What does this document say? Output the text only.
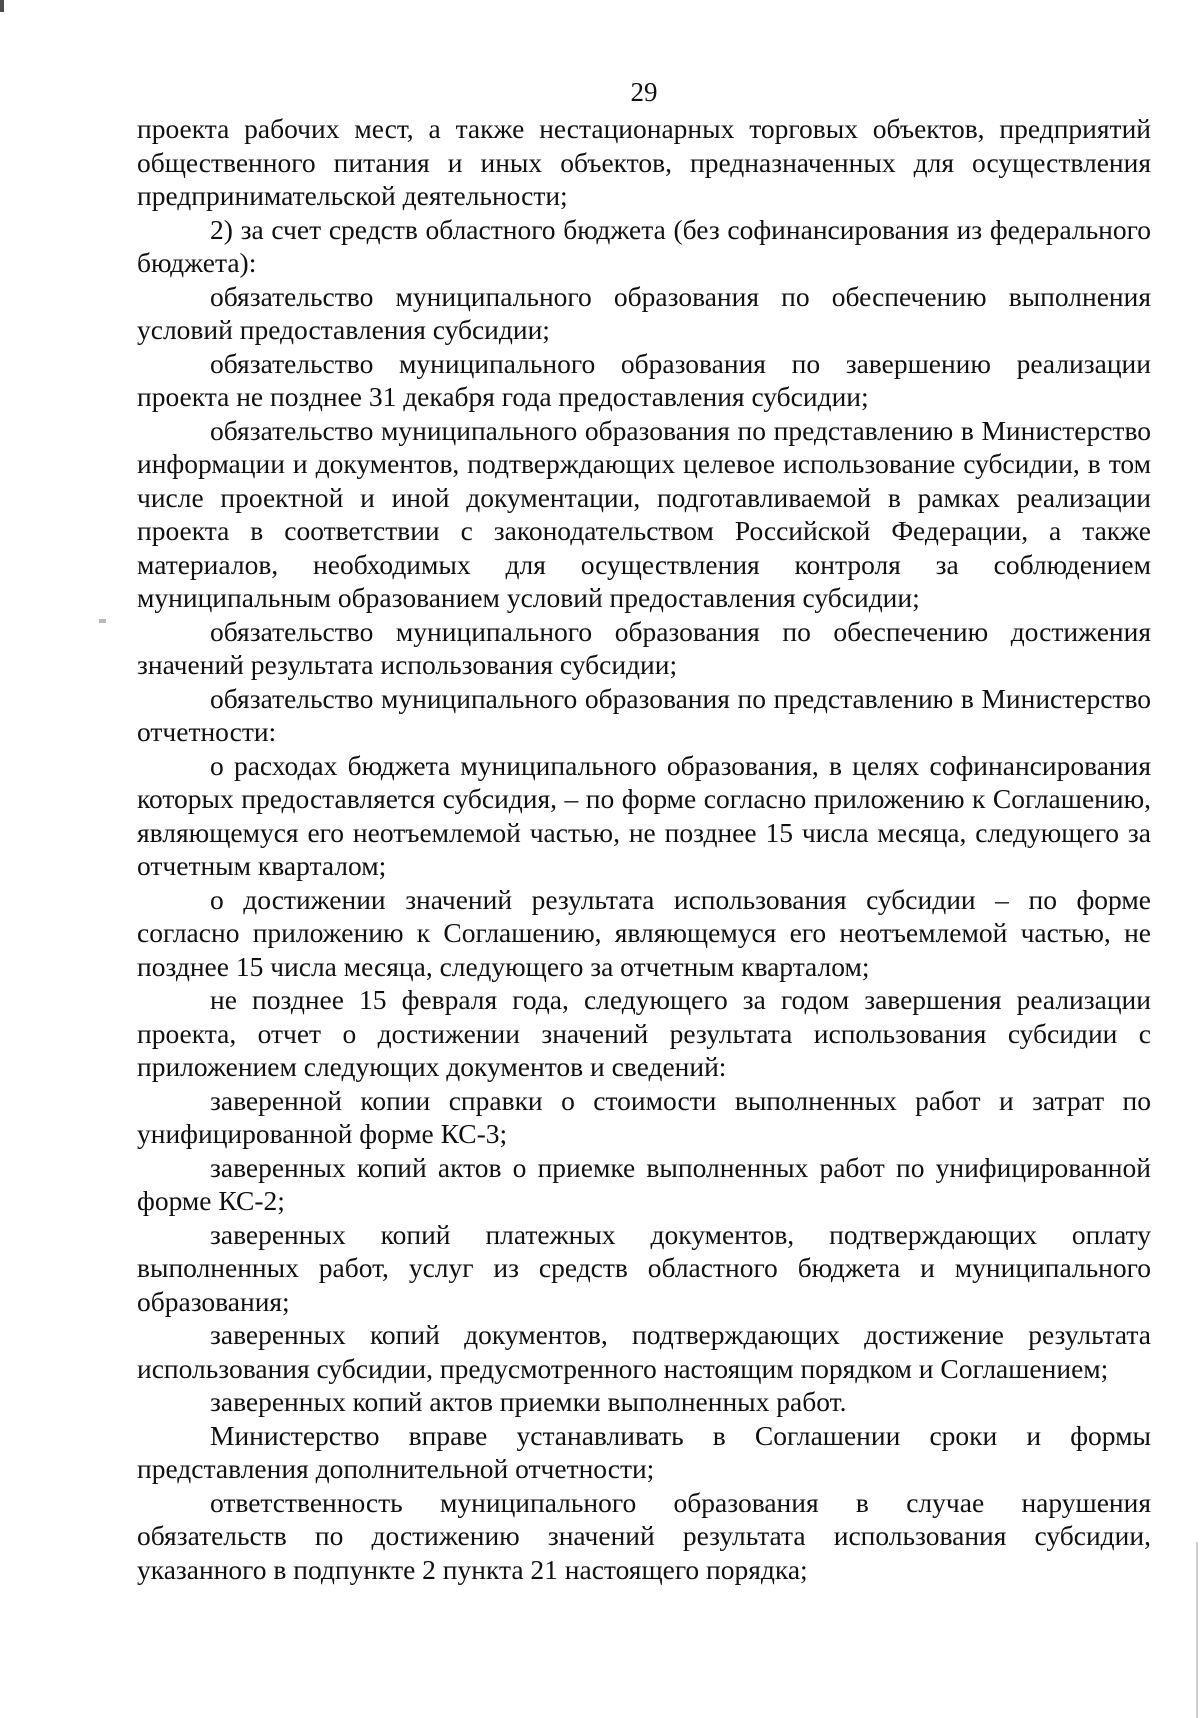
29

проекта рабочих мест, а также нестационарных торговых объектов, предприятий общественного питания и иных объектов, предназначенных для осуществления предпринимательской деятельности;

2) за счет средств областного бюджета (без софинансирования из федерального бюджета):

обязательство муниципального образования по обеспечению выполнения условий предоставления субсидии;

обязательство муниципального образования по завершению реализации проекта не позднее 31 декабря года предоставления субсидии;

обязательство муниципального образования по представлению в Министерство информации и документов, подтверждающих целевое использование субсидии, в том числе проектной и иной документации, подготавливаемой в рамках реализации проекта в соответствии с законодательством Российской Федерации, а также материалов, необходимых для осуществления контроля за соблюдением муниципальным образованием условий предоставления субсидии;

обязательство муниципального образования по обеспечению достижения значений результата использования субсидии;

обязательство муниципального образования по представлению в Министерство отчетности:

о расходах бюджета муниципального образования, в целях софинансирования которых предоставляется субсидия, – по форме согласно приложению к Соглашению, являющемуся его неотъемлемой частью, не позднее 15 числа месяца, следующего за отчетным кварталом;

о достижении значений результата использования субсидии – по форме согласно приложению к Соглашению, являющемуся его неотъемлемой частью, не позднее 15 числа месяца, следующего за отчетным кварталом;

не позднее 15 февраля года, следующего за годом завершения реализации проекта, отчет о достижении значений результата использования субсидии с приложением следующих документов и сведений:

заверенной копии справки о стоимости выполненных работ и затрат по унифицированной форме КС-3;

заверенных копий актов о приемке выполненных работ по унифицированной форме КС-2;

заверенных копий платежных документов, подтверждающих оплату выполненных работ, услуг из средств областного бюджета и муниципального образования;

заверенных копий документов, подтверждающих достижение результата использования субсидии, предусмотренного настоящим порядком и Соглашением;

заверенных копий актов приемки выполненных работ.

Министерство вправе устанавливать в Соглашении сроки и формы представления дополнительной отчетности;

ответственность муниципального образования в случае нарушения обязательств по достижению значений результата использования субсидии, указанного в подпункте 2 пункта 21 настоящего порядка;
